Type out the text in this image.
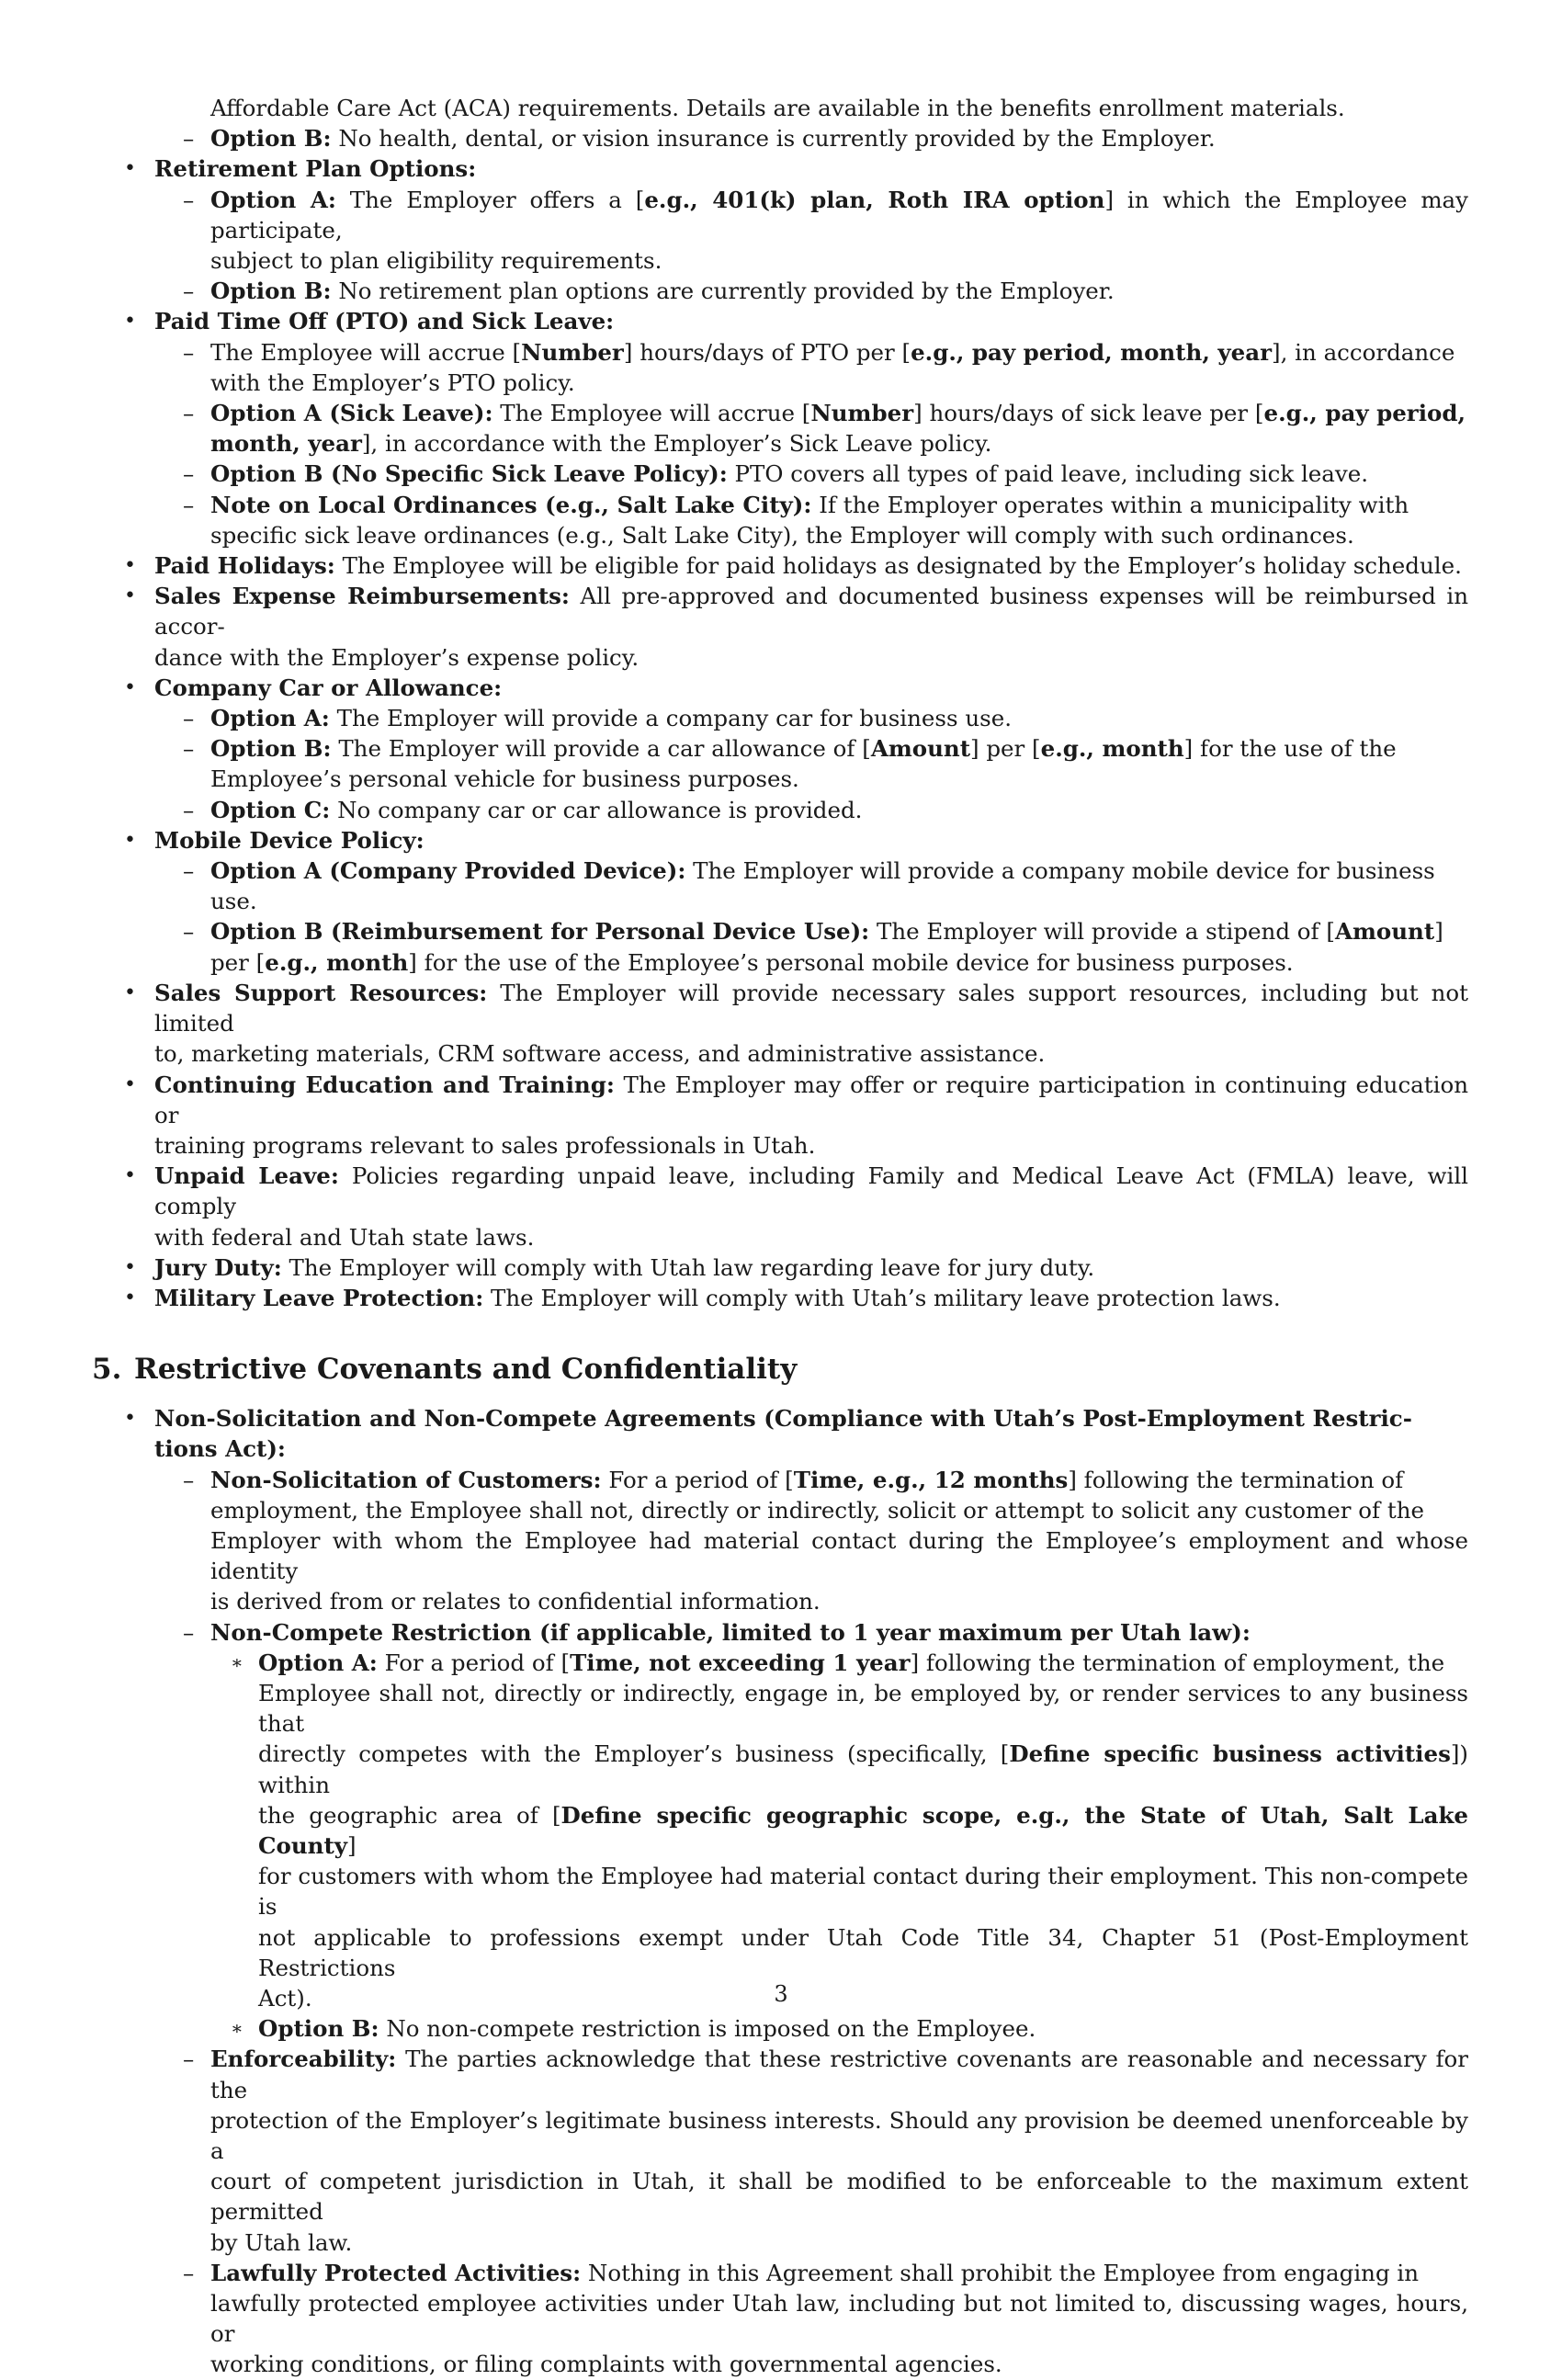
Affordable Care Act (ACA) requirements. Details are available in the benefits enrollment materials.
– Option B: No health, dental, or vision insurance is currently provided by the Employer.
• Retirement Plan Options:
– Option A: The Employer offers a [e.g., 401(k) plan, Roth IRA option] in which the Employee may participate,
subject to plan eligibility requirements.
– Option B: No retirement plan options are currently provided by the Employer.
• Paid Time Off (PTO) and Sick Leave:
– The Employee will accrue [Number] hours/days of PTO per [e.g., pay period, month, year], in accordance
with the Employer’s PTO policy.
– Option A (Sick Leave): The Employee will accrue [Number] hours/days of sick leave per [e.g., pay period,
month, year], in accordance with the Employer’s Sick Leave policy.
– Option B (No Specific Sick Leave Policy): PTO covers all types of paid leave, including sick leave.
– Note on Local Ordinances (e.g., Salt Lake City): If the Employer operates within a municipality with
specific sick leave ordinances (e.g., Salt Lake City), the Employer will comply with such ordinances.
• Paid Holidays: The Employee will be eligible for paid holidays as designated by the Employer’s holiday schedule.
• Sales Expense Reimbursements: All pre-approved and documented business expenses will be reimbursed in accor-
dance with the Employer’s expense policy.
• Company Car or Allowance:
– Option A: The Employer will provide a company car for business use.
– Option B: The Employer will provide a car allowance of [Amount] per [e.g., month] for the use of the
Employee’s personal vehicle for business purposes.
– Option C: No company car or car allowance is provided.
• Mobile Device Policy:
– Option A (Company Provided Device): The Employer will provide a company mobile device for business
use.
– Option B (Reimbursement for Personal Device Use): The Employer will provide a stipend of [Amount]
per [e.g., month] for the use of the Employee’s personal mobile device for business purposes.
• Sales Support Resources: The Employer will provide necessary sales support resources, including but not limited
to, marketing materials, CRM software access, and administrative assistance.
• Continuing Education and Training: The Employer may offer or require participation in continuing education or
training programs relevant to sales professionals in Utah.
• Unpaid Leave: Policies regarding unpaid leave, including Family and Medical Leave Act (FMLA) leave, will comply
with federal and Utah state laws.
• Jury Duty: The Employer will comply with Utah law regarding leave for jury duty.
• Military Leave Protection: The Employer will comply with Utah’s military leave protection laws.
5. Restrictive Covenants and Confidentiality
• Non-Solicitation and Non-Compete Agreements (Compliance with Utah’s Post-Employment Restric-
tions Act):
– Non-Solicitation of Customers: For a period of [Time, e.g., 12 months] following the termination of
employment, the Employee shall not, directly or indirectly, solicit or attempt to solicit any customer of the
Employer with whom the Employee had material contact during the Employee’s employment and whose identity
is derived from or relates to confidential information.
– Non-Compete Restriction (if applicable, limited to 1 year maximum per Utah law):
∗ Option A: For a period of [Time, not exceeding 1 year] following the termination of employment, the
Employee shall not, directly or indirectly, engage in, be employed by, or render services to any business that
directly competes with the Employer’s business (specifically, [Define specific business activities]) within
the geographic area of [Define specific geographic scope, e.g., the State of Utah, Salt Lake County]
for customers with whom the Employee had material contact during their employment. This non-compete is
not applicable to professions exempt under Utah Code Title 34, Chapter 51 (Post-Employment Restrictions
Act).
∗ Option B: No non-compete restriction is imposed on the Employee.
– Enforceability: The parties acknowledge that these restrictive covenants are reasonable and necessary for the
protection of the Employer’s legitimate business interests. Should any provision be deemed unenforceable by a
court of competent jurisdiction in Utah, it shall be modified to be enforceable to the maximum extent permitted
by Utah law.
– Lawfully Protected Activities: Nothing in this Agreement shall prohibit the Employee from engaging in
lawfully protected employee activities under Utah law, including but not limited to, discussing wages, hours, or
working conditions, or filing complaints with governmental agencies.
3
